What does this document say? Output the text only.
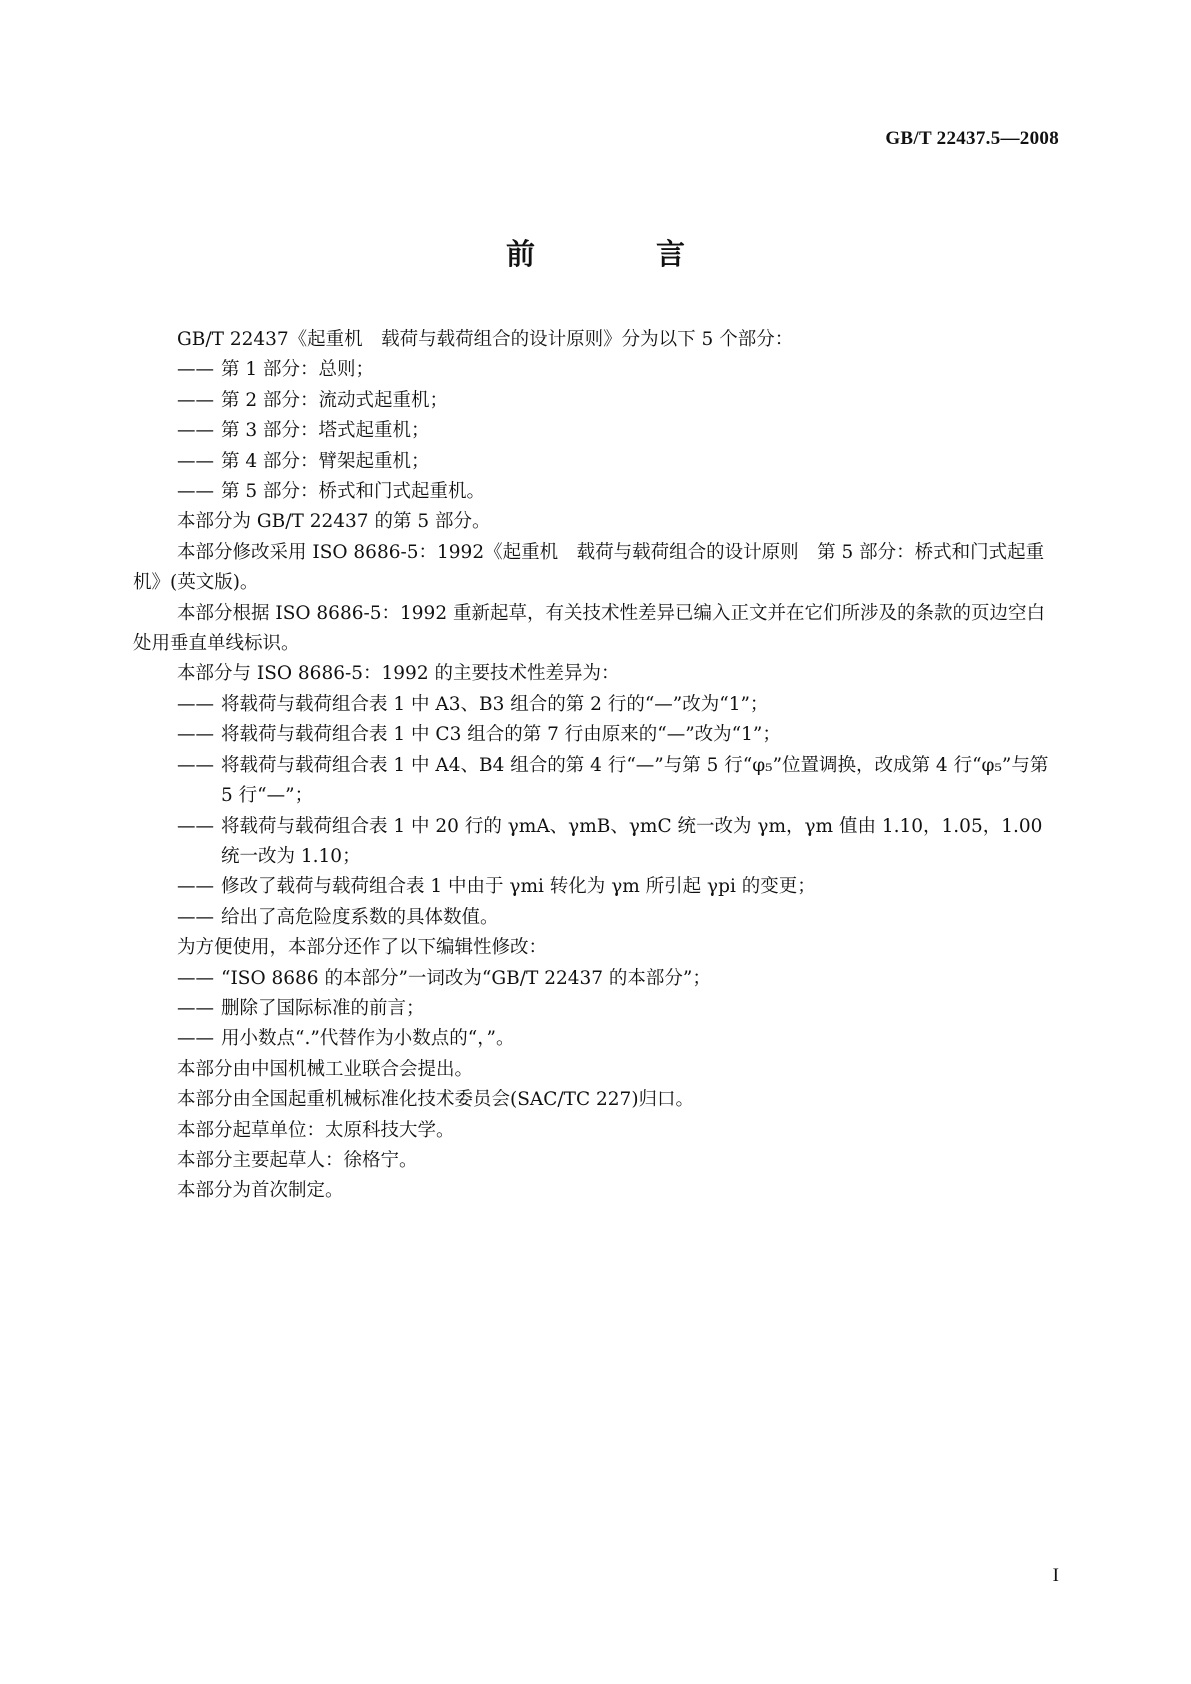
GB/T 22437.5—2008
前　言
GB/T 22437《起重机　载荷与载荷组合的设计原则》分为以下 5 个部分：
—— 第 1 部分：总则；
—— 第 2 部分：流动式起重机；
—— 第 3 部分：塔式起重机；
—— 第 4 部分：臂架起重机；
—— 第 5 部分：桥式和门式起重机。
本部分为 GB/T 22437 的第 5 部分。
本部分修改采用 ISO 8686-5：1992《起重机　载荷与载荷组合的设计原则　第 5 部分：桥式和门式起重机》(英文版)。
本部分根据 ISO 8686-5：1992 重新起草，有关技术性差异已编入正文并在它们所涉及的条款的页边空白处用垂直单线标识。
本部分与 ISO 8686-5：1992 的主要技术性差异为：
—— 将载荷与载荷组合表 1 中 A3、B3 组合的第 2 行的“—”改为“1”；
—— 将载荷与载荷组合表 1 中 C3 组合的第 7 行由原来的“—”改为“1”；
—— 将载荷与载荷组合表 1 中 A4、B4 组合的第 4 行“—”与第 5 行“φ₅”位置调换，改成第 4 行“φ₅”与第 5 行“—”；
—— 将载荷与载荷组合表 1 中 20 行的 γmA、γmB、γmC 统一改为 γm，γm 值由 1.10，1.05，1.00 统一改为 1.10；
—— 修改了载荷与载荷组合表 1 中由于 γmi 转化为 γm 所引起 γpi 的变更；
—— 给出了高危险度系数的具体数值。
为方便使用，本部分还作了以下编辑性修改：
—— “ISO 8686 的本部分”一词改为“GB/T 22437 的本部分”；
—— 删除了国际标准的前言；
—— 用小数点“.”代替作为小数点的“，”。
本部分由中国机械工业联合会提出。
本部分由全国起重机械标准化技术委员会(SAC/TC 227)归口。
本部分起草单位：太原科技大学。
本部分主要起草人：徐格宁。
本部分为首次制定。
I
